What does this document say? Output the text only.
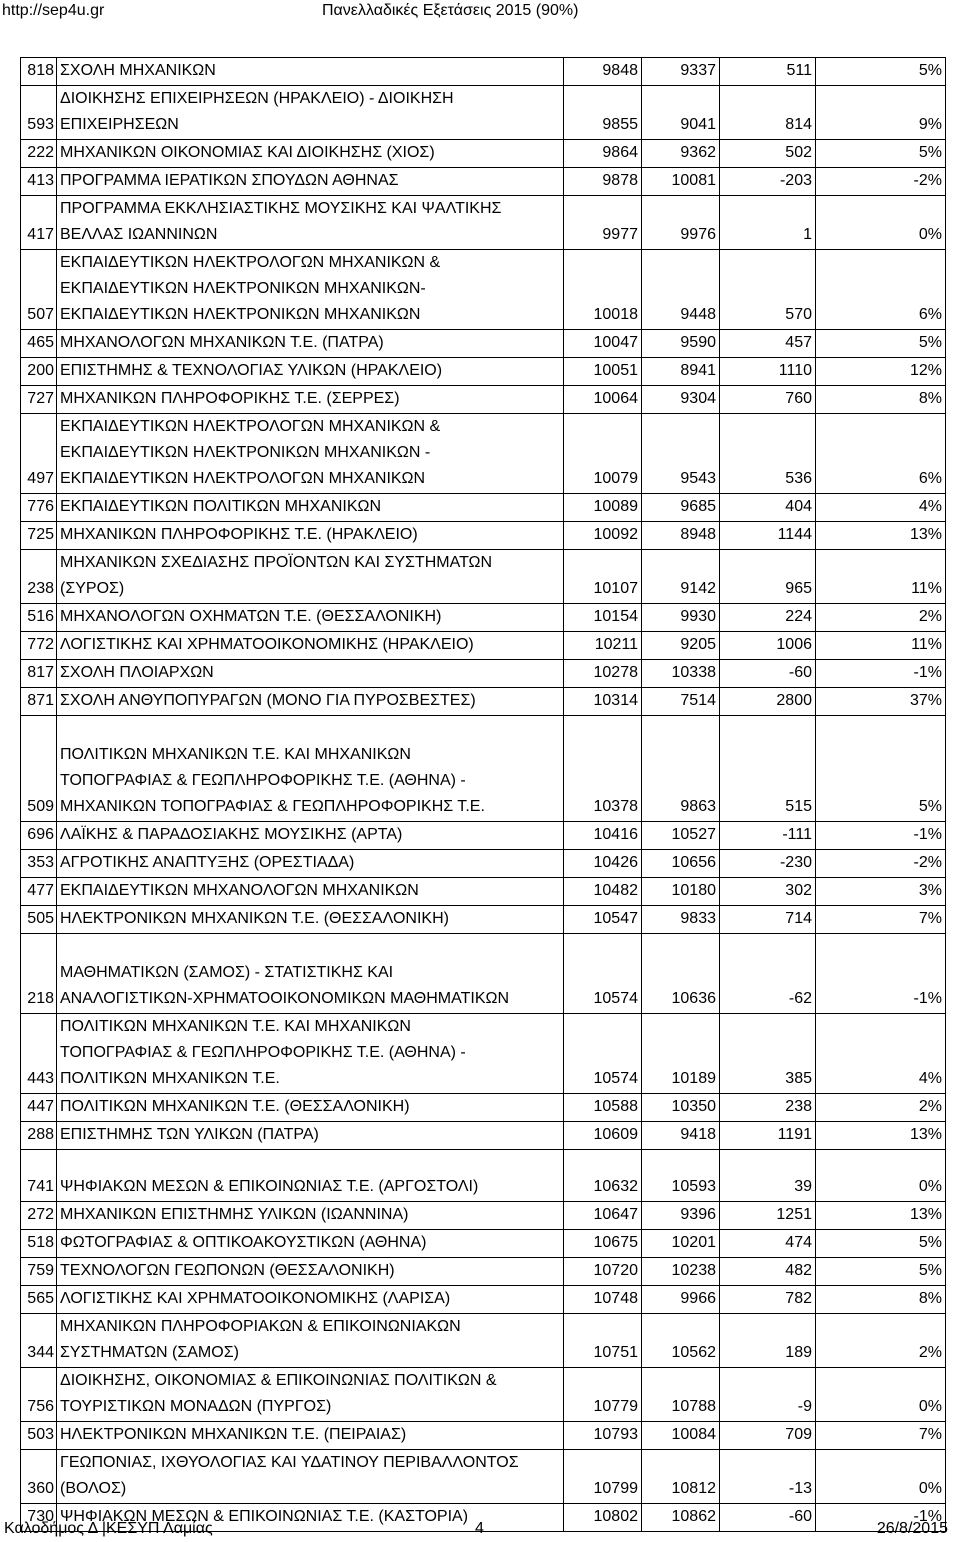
http://sep4u.gr	Πανελλαδικές Εξετάσεις 2015 (90%)
818	ΣΧΟΛΗ ΜΗΧΑΝΙΚΩΝ	9848	9337	511	5%
593	ΔΙΟΙΚΗΣΗΣ ΕΠΙΧΕΙΡΗΣΕΩΝ (ΗΡΑΚΛΕΙΟ) - ΔΙΟΙΚΗΣΗ
ΕΠΙΧΕΙΡΗΣΕΩΝ	9855	9041	814	9%
222	ΜΗΧΑΝΙΚΩΝ ΟΙΚΟΝΟΜΙΑΣ ΚΑΙ ΔΙΟΙΚΗΣΗΣ (ΧΙΟΣ)	9864	9362	502	5%
413	ΠΡΟΓΡΑΜΜΑ ΙΕΡΑΤΙΚΩΝ ΣΠΟΥΔΩΝ ΑΘΗΝΑΣ	9878	10081	-203	-2%
417	ΠΡΟΓΡΑΜΜΑ ΕΚΚΛΗΣΙΑΣΤΙΚΗΣ ΜΟΥΣΙΚΗΣ ΚΑΙ ΨΑΛΤΙΚΗΣ
ΒΕΛΛΑΣ ΙΩΑΝΝΙΝΩΝ	9977	9976	1	0%
507	ΕΚΠΑΙΔΕΥΤΙΚΩΝ ΗΛΕΚΤΡΟΛΟΓΩΝ ΜΗΧΑΝΙΚΩΝ &
ΕΚΠΑΙΔΕΥΤΙΚΩΝ ΗΛΕΚΤΡΟΝΙΚΩΝ ΜΗΧΑΝΙΚΩΝ-
ΕΚΠΑΙΔΕΥΤΙΚΩΝ ΗΛΕΚΤΡΟΝΙΚΩΝ ΜΗΧΑΝΙΚΩΝ	10018	9448	570	6%
465	ΜΗΧΑΝΟΛΟΓΩΝ ΜΗΧΑΝΙΚΩΝ Τ.Ε. (ΠΑΤΡΑ)	10047	9590	457	5%
200	ΕΠΙΣΤΗΜΗΣ & ΤΕΧΝΟΛΟΓΙΑΣ ΥΛΙΚΩΝ (ΗΡΑΚΛΕΙΟ)	10051	8941	1110	12%
727	ΜΗΧΑΝΙΚΩΝ ΠΛΗΡΟΦΟΡΙΚΗΣ Τ.Ε. (ΣΕΡΡΕΣ)	10064	9304	760	8%
497	ΕΚΠΑΙΔΕΥΤΙΚΩΝ ΗΛΕΚΤΡΟΛΟΓΩΝ ΜΗΧΑΝΙΚΩΝ &
ΕΚΠΑΙΔΕΥΤΙΚΩΝ ΗΛΕΚΤΡΟΝΙΚΩΝ ΜΗΧΑΝΙΚΩΝ -
ΕΚΠΑΙΔΕΥΤΙΚΩΝ ΗΛΕΚΤΡΟΛΟΓΩΝ ΜΗΧΑΝΙΚΩΝ	10079	9543	536	6%
776	ΕΚΠΑΙΔΕΥΤΙΚΩΝ ΠΟΛΙΤΙΚΩΝ ΜΗΧΑΝΙΚΩΝ	10089	9685	404	4%
725	ΜΗΧΑΝΙΚΩΝ ΠΛΗΡΟΦΟΡΙΚΗΣ Τ.Ε. (ΗΡΑΚΛΕΙΟ)	10092	8948	1144	13%
238	ΜΗΧΑΝΙΚΩΝ ΣΧΕΔΙΑΣΗΣ ΠΡΟΪΟΝΤΩΝ ΚΑΙ ΣΥΣΤΗΜΑΤΩΝ
(ΣΥΡΟΣ)	10107	9142	965	11%
516	ΜΗΧΑΝΟΛΟΓΩΝ ΟΧΗΜΑΤΩΝ Τ.Ε. (ΘΕΣΣΑΛΟΝΙΚΗ)	10154	9930	224	2%
772	ΛΟΓΙΣΤΙΚΗΣ ΚΑΙ ΧΡΗΜΑΤΟΟΙΚΟΝΟΜΙΚΗΣ (ΗΡΑΚΛΕΙΟ)	10211	9205	1006	11%
817	ΣΧΟΛΗ ΠΛΟΙΑΡΧΩΝ	10278	10338	-60	-1%
871	ΣΧΟΛΗ ΑΝΘΥΠΟΠΥΡΑΓΩΝ (ΜΟΝΟ ΓΙΑ ΠΥΡΟΣΒΕΣΤΕΣ)	10314	7514	2800	37%
509	
ΠΟΛΙΤΙΚΩΝ ΜΗΧΑΝΙΚΩΝ Τ.Ε. ΚΑΙ ΜΗΧΑΝΙΚΩΝ
ΤΟΠΟΓΡΑΦΙΑΣ & ΓΕΩΠΛΗΡΟΦΟΡΙΚΗΣ Τ.Ε. (ΑΘΗΝΑ) -
ΜΗΧΑΝΙΚΩΝ ΤΟΠΟΓΡΑΦΙΑΣ & ΓΕΩΠΛΗΡΟΦΟΡΙΚΗΣ Τ.Ε.	10378	9863	515	5%
696	ΛΑΪΚΗΣ & ΠΑΡΑΔΟΣΙΑΚΗΣ ΜΟΥΣΙΚΗΣ (ΑΡΤΑ)	10416	10527	-111	-1%
353	ΑΓΡΟΤΙΚΗΣ ΑΝΑΠΤΥΞΗΣ (ΟΡΕΣΤΙΑΔΑ)	10426	10656	-230	-2%
477	ΕΚΠΑΙΔΕΥΤΙΚΩΝ ΜΗΧΑΝΟΛΟΓΩΝ ΜΗΧΑΝΙΚΩΝ	10482	10180	302	3%
505	ΗΛΕΚΤΡΟΝΙΚΩΝ ΜΗΧΑΝΙΚΩΝ Τ.Ε. (ΘΕΣΣΑΛΟΝΙΚΗ)	10547	9833	714	7%
218	
ΜΑΘΗΜΑΤΙΚΩΝ (ΣΑΜΟΣ) - ΣΤΑΤΙΣΤΙΚΗΣ ΚΑΙ
ΑΝΑΛΟΓΙΣΤΙΚΩΝ-ΧΡΗΜΑΤΟΟΙΚΟΝΟΜΙΚΩΝ ΜΑΘΗΜΑΤΙΚΩΝ	10574	10636	-62	-1%
443	ΠΟΛΙΤΙΚΩΝ ΜΗΧΑΝΙΚΩΝ Τ.Ε. ΚΑΙ ΜΗΧΑΝΙΚΩΝ
ΤΟΠΟΓΡΑΦΙΑΣ & ΓΕΩΠΛΗΡΟΦΟΡΙΚΗΣ Τ.Ε. (ΑΘΗΝΑ) -
ΠΟΛΙΤΙΚΩΝ ΜΗΧΑΝΙΚΩΝ Τ.Ε.	10574	10189	385	4%
447	ΠΟΛΙΤΙΚΩΝ ΜΗΧΑΝΙΚΩΝ Τ.Ε. (ΘΕΣΣΑΛΟΝΙΚΗ)	10588	10350	238	2%
288	ΕΠΙΣΤΗΜΗΣ ΤΩΝ ΥΛΙΚΩΝ (ΠΑΤΡΑ)	10609	9418	1191	13%
741	ΨΗΦΙΑΚΩΝ ΜΕΣΩΝ & ΕΠΙΚΟΙΝΩΝΙΑΣ Τ.Ε. (ΑΡΓΟΣΤΟΛΙ)	10632	10593	39	0%
272	ΜΗΧΑΝΙΚΩΝ ΕΠΙΣΤΗΜΗΣ ΥΛΙΚΩΝ (ΙΩΑΝΝΙΝΑ)	10647	9396	1251	13%
518	ΦΩΤΟΓΡΑΦΙΑΣ & ΟΠΤΙΚΟΑΚΟΥΣΤΙΚΩΝ (ΑΘΗΝΑ)	10675	10201	474	5%
759	ΤΕΧΝΟΛΟΓΩΝ ΓΕΩΠΟΝΩΝ (ΘΕΣΣΑΛΟΝΙΚΗ)	10720	10238	482	5%
565	ΛΟΓΙΣΤΙΚΗΣ ΚΑΙ ΧΡΗΜΑΤΟΟΙΚΟΝΟΜΙΚΗΣ (ΛΑΡΙΣΑ)	10748	9966	782	8%
344	ΜΗΧΑΝΙΚΩΝ ΠΛΗΡΟΦΟΡΙΑΚΩΝ & ΕΠΙΚΟΙΝΩΝΙΑΚΩΝ
ΣΥΣΤΗΜΑΤΩΝ (ΣΑΜΟΣ)	10751	10562	189	2%
756	ΔΙΟΙΚΗΣΗΣ, ΟΙΚΟΝΟΜΙΑΣ & ΕΠΙΚΟΙΝΩΝΙΑΣ ΠΟΛΙΤΙΚΩΝ &
ΤΟΥΡΙΣΤΙΚΩΝ ΜΟΝΑΔΩΝ (ΠΥΡΓΟΣ)	10779	10788	-9	0%
503	ΗΛΕΚΤΡΟΝΙΚΩΝ ΜΗΧΑΝΙΚΩΝ Τ.Ε. (ΠΕΙΡΑΙΑΣ)	10793	10084	709	7%
360	ΓΕΩΠΟΝΙΑΣ, ΙΧΘΥΟΛΟΓΙΑΣ ΚΑΙ ΥΔΑΤΙΝΟΥ ΠΕΡΙΒΑΛΛΟΝΤΟΣ
(ΒΟΛΟΣ)	10799	10812	-13	0%
730	ΨΗΦΙΑΚΩΝ ΜΕΣΩΝ & ΕΠΙΚΟΙΝΩΝΙΑΣ Τ.Ε. (ΚΑΣΤΟΡΙΑ)	10802	10862	-60	-1%
Καλοδήμος Δ |ΚΕΣΥΠ Λαμίας	4	26/8/2015
